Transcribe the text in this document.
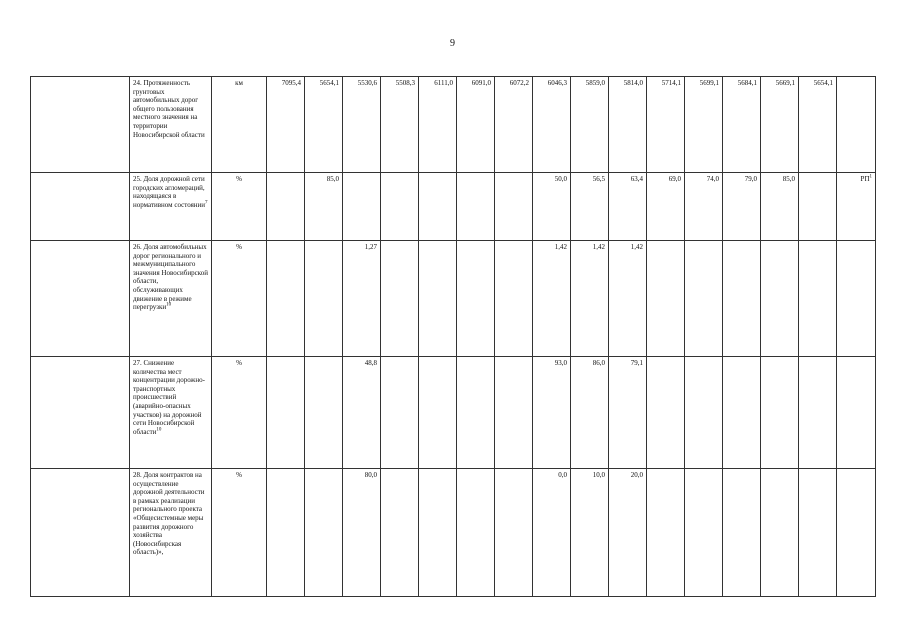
9
	24. Протяженность грунтовых автомобильных дорог общего пользования местного значения на территории Новосибирской области	км	7095,4	5654,1	5530,6	5508,3	6111,0	6091,0	6072,2	6046,3	5859,0	5814,0	5714,1	5699,1	5684,1	5669,1	5654,1	
	25. Доля дорожной сети городских агломераций, находящаяся в нормативном состоянии$^7$	%		85,0						50,0	56,5	63,4	69,0	74,0	79,0	85,0		$РП^1$
	26. Доля автомобильных дорог регионального и межмуниципального значения Новосибирской области, обслуживающих движение в режиме перегрузки$^{10}$	%			1,27					1,42	1,42	1,42						
	27. Снижение количества мест концентрации дорожно-транспортных происшествий (аварийно-опасных участков) на дорожной сети Новосибирской области$^{10}$	%			48,8					93,0	86,0	79,1						
	28. Доля контрактов на осуществление дорожной деятельности в рамках реализации регионального проекта «Общесистемные меры развития дорожного хозяйства (Новосибирская область)»,	%			80,0					0,0	10,0	20,0						
